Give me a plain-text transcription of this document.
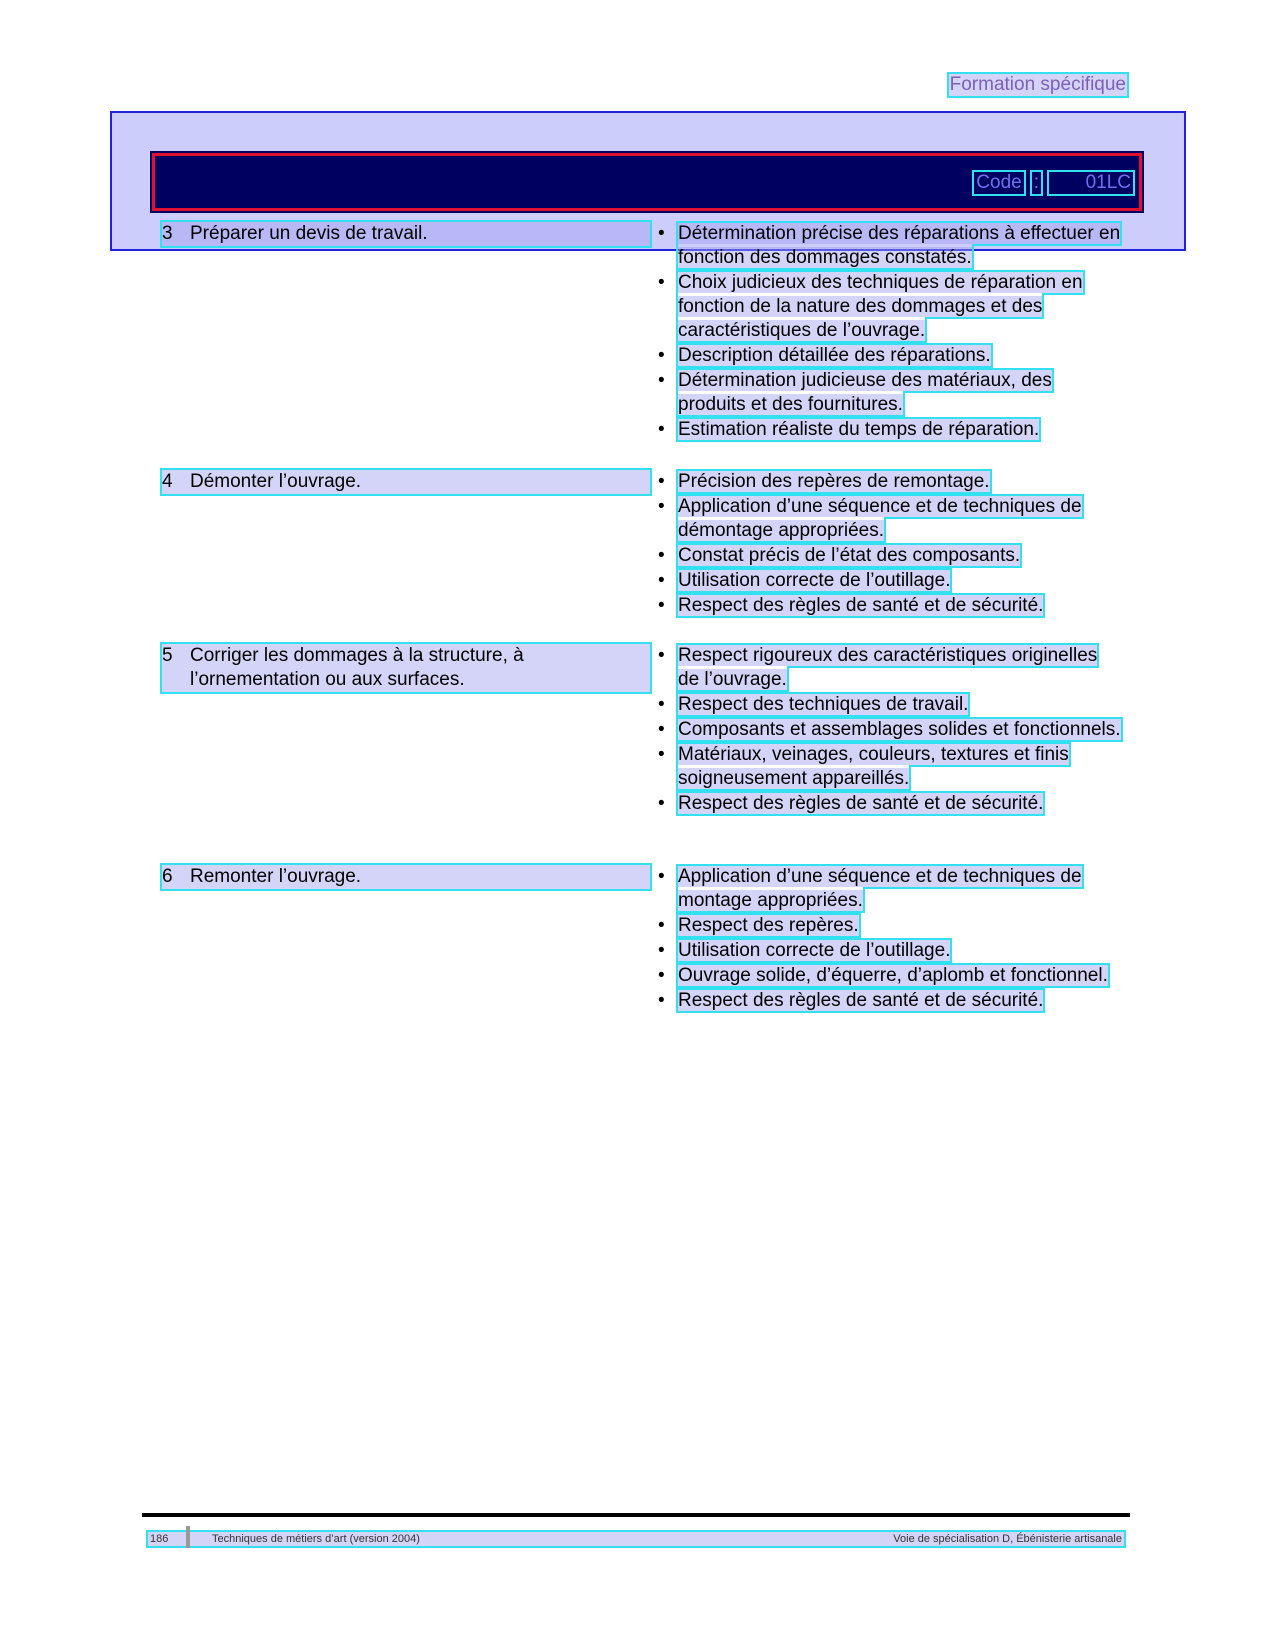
Formation spécifique
Code :	01LC
3 Préparer un devis de travail.	• Détermination précise des réparations à effectuer en fonction des dommages constatés.
• Choix judicieux des techniques de réparation en fonction de la nature des dommages et des caractéristiques de l’ouvrage.
• Description détaillée des réparations.
• Détermination judicieuse des matériaux, des produits et des fournitures.
• Estimation réaliste du temps de réparation.
4 Démonter l’ouvrage.	• Précision des repères de remontage.
• Application d’une séquence et de techniques de démontage appropriées.
• Constat précis de l’état des composants.
• Utilisation correcte de l’outillage.
• Respect des règles de santé et de sécurité.
5 Corriger les dommages à la structure, à l’ornementation ou aux surfaces.
• Respect rigoureux des caractéristiques originelles de l’ouvrage.
• Respect des techniques de travail.
• Composants et assemblages solides et fonctionnels.
• Matériaux, veinages, couleurs, textures et finis soigneusement appareillés.
• Respect des règles de santé et de sécurité.
6 Remonter l’ouvrage.	• Application d’une séquence et de techniques de montage appropriées.
• Respect des repères.
• Utilisation correcte de l’outillage.
• Ouvrage solide, d’équerre, d’aplomb et fonctionnel.
• Respect des règles de santé et de sécurité.
186	Techniques de métiers d’art (version 2004)	Voie de spécialisation D, Ébénisterie artisanale
